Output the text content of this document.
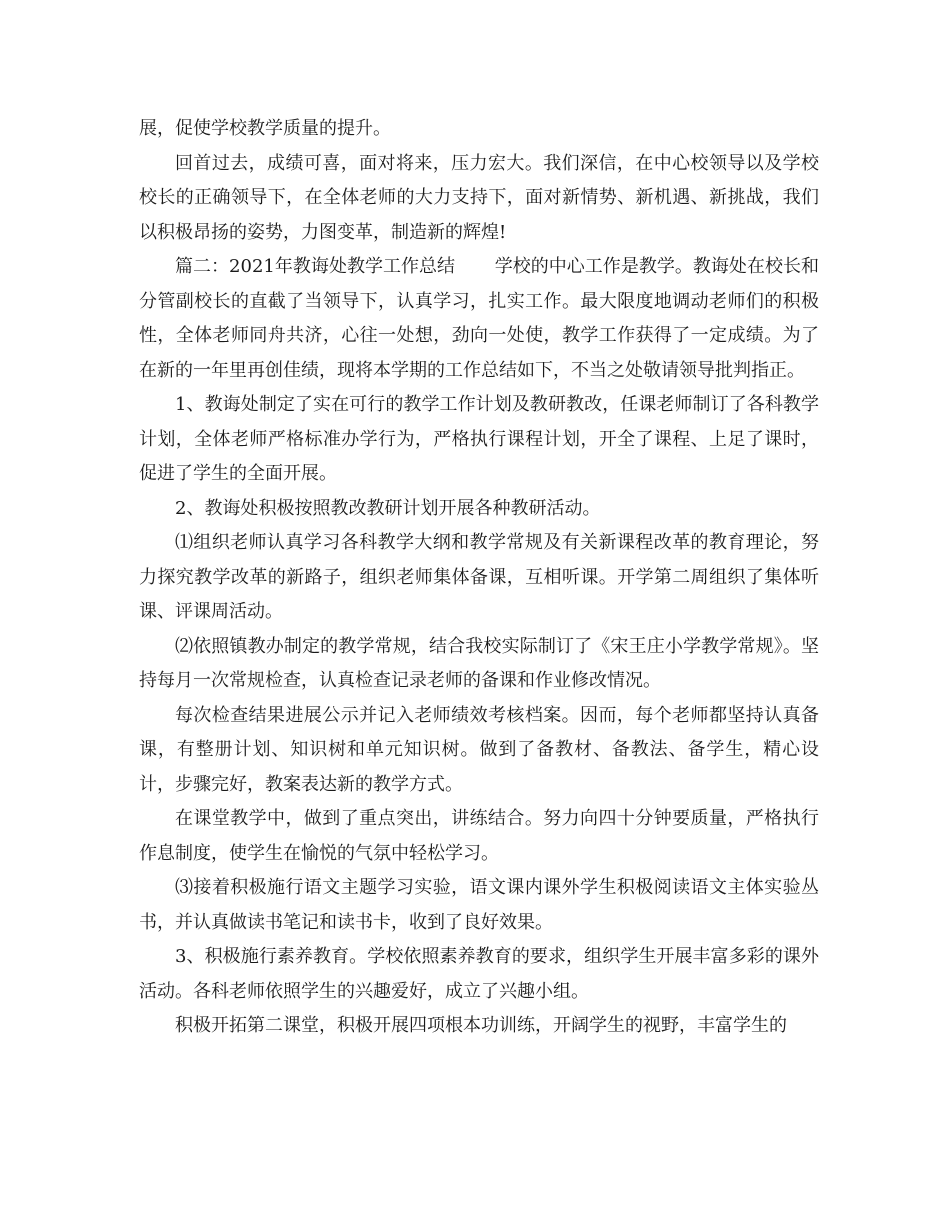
展，促使学校教学质量的提升。

回首过去，成绩可喜，面对将来，压力宏大。我们深信，在中心校领导以及学校校长的正确领导下，在全体老师的大力支持下，面对新情势、新机遇、新挑战，我们以积极昂扬的姿势，力图变革，制造新的辉煌!

篇二：2021年教诲处教学工作总结 学校的中心工作是教学。教诲处在校长和分管副校长的直截了当领导下，认真学习，扎实工作。最大限度地调动老师们的积极性，全体老师同舟共济，心往一处想，劲向一处使，教学工作获得了一定成绩。为了在新的一年里再创佳绩，现将本学期的工作总结如下，不当之处敬请领导批判指正。

1、教诲处制定了实在可行的教学工作计划及教研教改，任课老师制订了各科教学计划，全体老师严格标准办学行为，严格执行课程计划，开全了课程、上足了课时，促进了学生的全面开展。

2、教诲处积极按照教改教研计划开展各种教研活动。

⑴组织老师认真学习各科教学大纲和教学常规及有关新课程改革的教育理论，努力探究教学改革的新路子，组织老师集体备课，互相听课。开学第二周组织了集体听课、评课周活动。

⑵依照镇教办制定的教学常规，结合我校实际制订了《宋王庄小学教学常规》。坚持每月一次常规检查，认真检查记录老师的备课和作业修改情况。

每次检查结果进展公示并记入老师绩效考核档案。因而，每个老师都坚持认真备课，有整册计划、知识树和单元知识树。做到了备教材、备教法、备学生，精心设计，步骤完好，教案表达新的教学方式。

在课堂教学中，做到了重点突出，讲练结合。努力向四十分钟要质量，严格执行作息制度，使学生在愉悦的气氛中轻松学习。

⑶接着积极施行语文主题学习实验，语文课内课外学生积极阅读语文主体实验丛书，并认真做读书笔记和读书卡，收到了良好效果。

3、积极施行素养教育。学校依照素养教育的要求，组织学生开展丰富多彩的课外活动。各科老师依照学生的兴趣爱好，成立了兴趣小组。

积极开拓第二课堂，积极开展四项根本功训练，开阔学生的视野，丰富学生的
